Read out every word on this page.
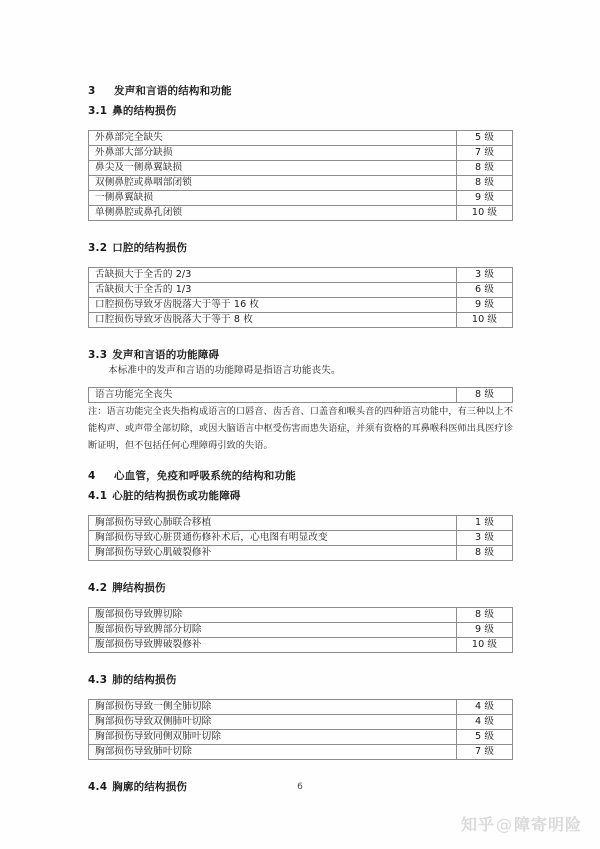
3 发声和言语的结构和功能
3.1 鼻的结构损伤
外鼻部完全缺失	5 级
外鼻部大部分缺损	7 级
鼻尖及一侧鼻翼缺损	8 级
双侧鼻腔或鼻咽部闭锁	8 级
一侧鼻翼缺损	9 级
单侧鼻腔或鼻孔闭锁	10 级
3.2 口腔的结构损伤
舌缺损大于全舌的 2/3	3 级
舌缺损大于全舌的 1/3	6 级
口腔损伤导致牙齿脱落大于等于 16 枚	9 级
口腔损伤导致牙齿脱落大于等于 8 枚	10 级
3.3 发声和言语的功能障碍

本标准中的发声和言语的功能障碍是指语言功能丧失。

语言功能完全丧失	8 级

注：语言功能完全丧失指构成语言的口唇音、齿舌音、口盖音和喉头音的四种语言功能中，有三种以上不能构声、或声带全部切除，或因大脑语言中枢受伤害而患失语症，并须有资格的耳鼻喉科医师出具医疗诊断证明，但不包括任何心理障碍引致的失语。

4 心血管，免疫和呼吸系统的结构和功能
4.1 心脏的结构损伤或功能障碍
胸部损伤导致心肺联合移植	1 级
胸部损伤导致心脏贯通伤修补术后，心电图有明显改变	3 级
胸部损伤导致心肌破裂修补	8 级
4.2 脾结构损伤
腹部损伤导致脾切除	8 级
腹部损伤导致脾部分切除	9 级
腹部损伤导致脾破裂修补	10 级
4.3 肺的结构损伤
胸部损伤导致一侧全肺切除	4 级
胸部损伤导致双侧肺叶切除	4 级
胸部损伤导致同侧双肺叶切除	5 级
胸部损伤导致肺叶切除	7 级
4.4 胸廓的结构损伤	6
知乎@障寄明险
